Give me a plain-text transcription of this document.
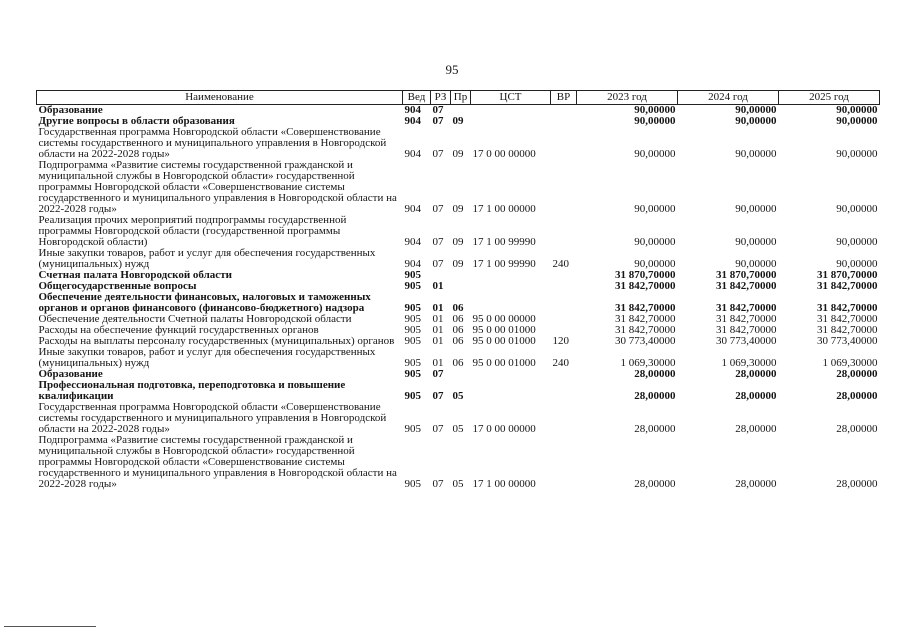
95
Наименование	Вед	РЗ	Пр	ЦСТ	ВР	2023 год	2024 год	2025 год
Образование	904	07				90,00000	90,00000	90,00000
Другие вопросы в области образования	904	07	09			90,00000	90,00000	90,00000
Государственная программа Новгородской области «Совершенствование системы государственного и муниципального управления в Новгородской области на 2022-2028 годы»	904	07	09	17 0 00 00000		90,00000	90,00000	90,00000
Подпрограмма «Развитие системы государственной гражданской и муниципальной службы в Новгородской области» государственной программы Новгородской области «Совершенствование системы государственного и муниципального управления в Новгородской области на 2022-2028 годы»	904	07	09	17 1 00 00000		90,00000	90,00000	90,00000
Реализация прочих мероприятий подпрограммы государственной программы Новгородской области (государственной программы Новгородской области)	904	07	09	17 1 00 99990		90,00000	90,00000	90,00000
Иные закупки товаров, работ и услуг для обеспечения государственных (муниципальных) нужд	904	07	09	17 1 00 99990	240	90,00000	90,00000	90,00000
Счетная палата Новгородской области	905					31 870,70000	31 870,70000	31 870,70000
Общегосударственные вопросы	905	01				31 842,70000	31 842,70000	31 842,70000
Обеспечение деятельности финансовых, налоговых и таможенных органов и органов финансового (финансово-бюджетного) надзора	905	01	06			31 842,70000	31 842,70000	31 842,70000
Обеспечение деятельности Счетной палаты Новгородской области	905	01	06	95 0 00 00000		31 842,70000	31 842,70000	31 842,70000
Расходы на обеспечение функций государственных органов	905	01	06	95 0 00 01000		31 842,70000	31 842,70000	31 842,70000
Расходы на выплаты персоналу государственных (муниципальных) органов	905	01	06	95 0 00 01000	120	30 773,40000	30 773,40000	30 773,40000
Иные закупки товаров, работ и услуг для обеспечения государственных (муниципальных) нужд	905	01	06	95 0 00 01000	240	1 069,30000	1 069,30000	1 069,30000
Образование	905	07				28,00000	28,00000	28,00000
Профессиональная подготовка, переподготовка и повышение квалификации	905	07	05			28,00000	28,00000	28,00000
Государственная программа Новгородской области «Совершенствование системы государственного и муниципального управления в Новгородской области на 2022-2028 годы»	905	07	05	17 0 00 00000		28,00000	28,00000	28,00000
Подпрограмма «Развитие системы государственной гражданской и муниципальной службы в Новгородской области» государственной программы Новгородской области «Совершенствование системы государственного и муниципального управления в Новгородской области на 2022-2028 годы»	905	07	05	17 1 00 00000		28,00000	28,00000	28,00000
